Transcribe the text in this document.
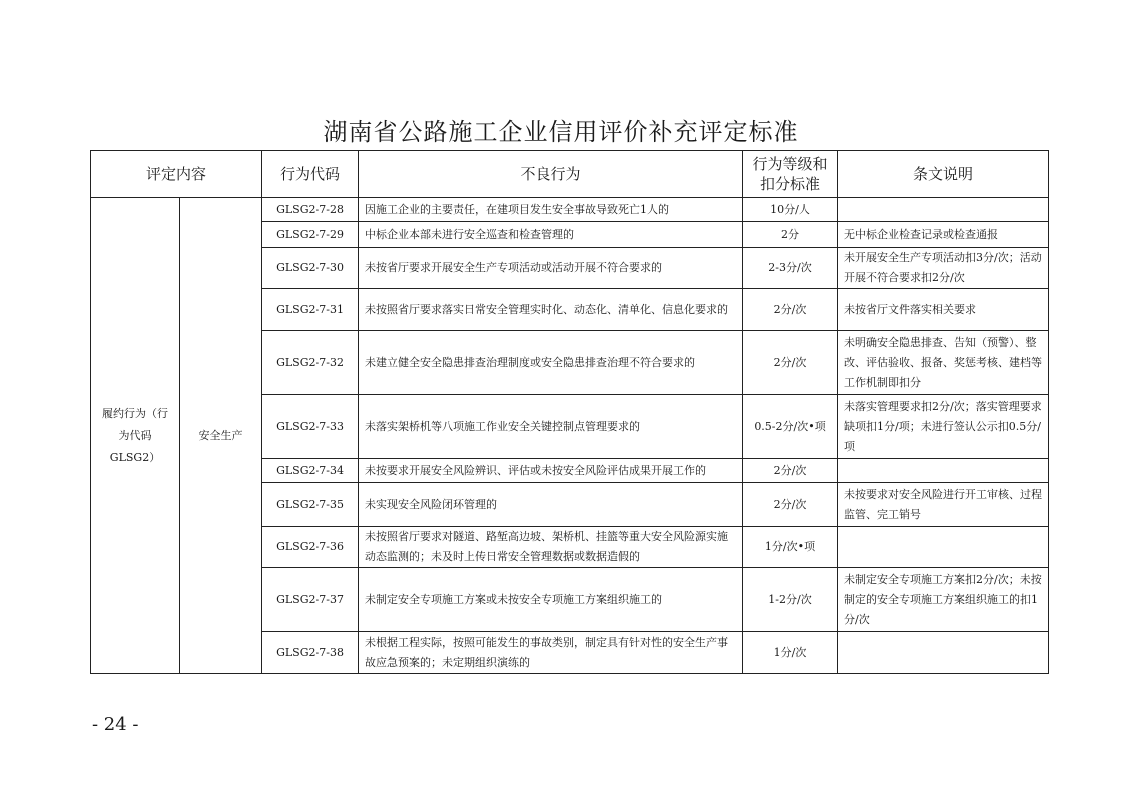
湖南省公路施工企业信用评价补充评定标准
评定内容		行为代码	不良行为	行为等级和扣分标准	条文说明
履约行为（行为代码GLSG2）	安全生产	GLSG2-7-28	因施工企业的主要责任，在建项目发生安全事故导致死亡1人的	10分/人	
		GLSG2-7-29	中标企业本部未进行安全巡查和检查管理的	2分	无中标企业检查记录或检查通报
		GLSG2-7-30	未按省厅要求开展安全生产专项活动或活动开展不符合要求的	2-3分/次	未开展安全生产专项活动扣3分/次；活动开展不符合要求扣2分/次
		GLSG2-7-31	未按照省厅要求落实日常安全管理实时化、动态化、清单化、信息化要求的	2分/次	未按省厅文件落实相关要求
		GLSG2-7-32	未建立健全安全隐患排查治理制度或安全隐患排查治理不符合要求的	2分/次	未明确安全隐患排查、告知（预警）、整改、评估验收、报备、奖惩考核、建档等工作机制即扣分
		GLSG2-7-33	未落实架桥机等八项施工作业安全关键控制点管理要求的	0.5-2分/次•项	未落实管理要求扣2分/次；落实管理要求缺项扣1分/项；未进行签认公示扣0.5分/项
		GLSG2-7-34	未按要求开展安全风险辨识、评估或未按安全风险评估成果开展工作的	2分/次	
		GLSG2-7-35	未实现安全风险闭环管理的	2分/次	未按要求对安全风险进行开工审核、过程监管、完工销号
		GLSG2-7-36	未按照省厅要求对隧道、路堑高边坡、架桥机、挂篮等重大安全风险源实施动态监测的；未及时上传日常安全管理数据或数据造假的	1分/次•项	
		GLSG2-7-37	未制定安全专项施工方案或未按安全专项施工方案组织施工的	1-2分/次	未制定安全专项施工方案扣2分/次；未按制定的安全专项施工方案组织施工的扣1分/次
		GLSG2-7-38	未根据工程实际，按照可能发生的事故类别，制定具有针对性的安全生产事故应急预案的；未定期组织演练的	1分/次	
- 24 -
